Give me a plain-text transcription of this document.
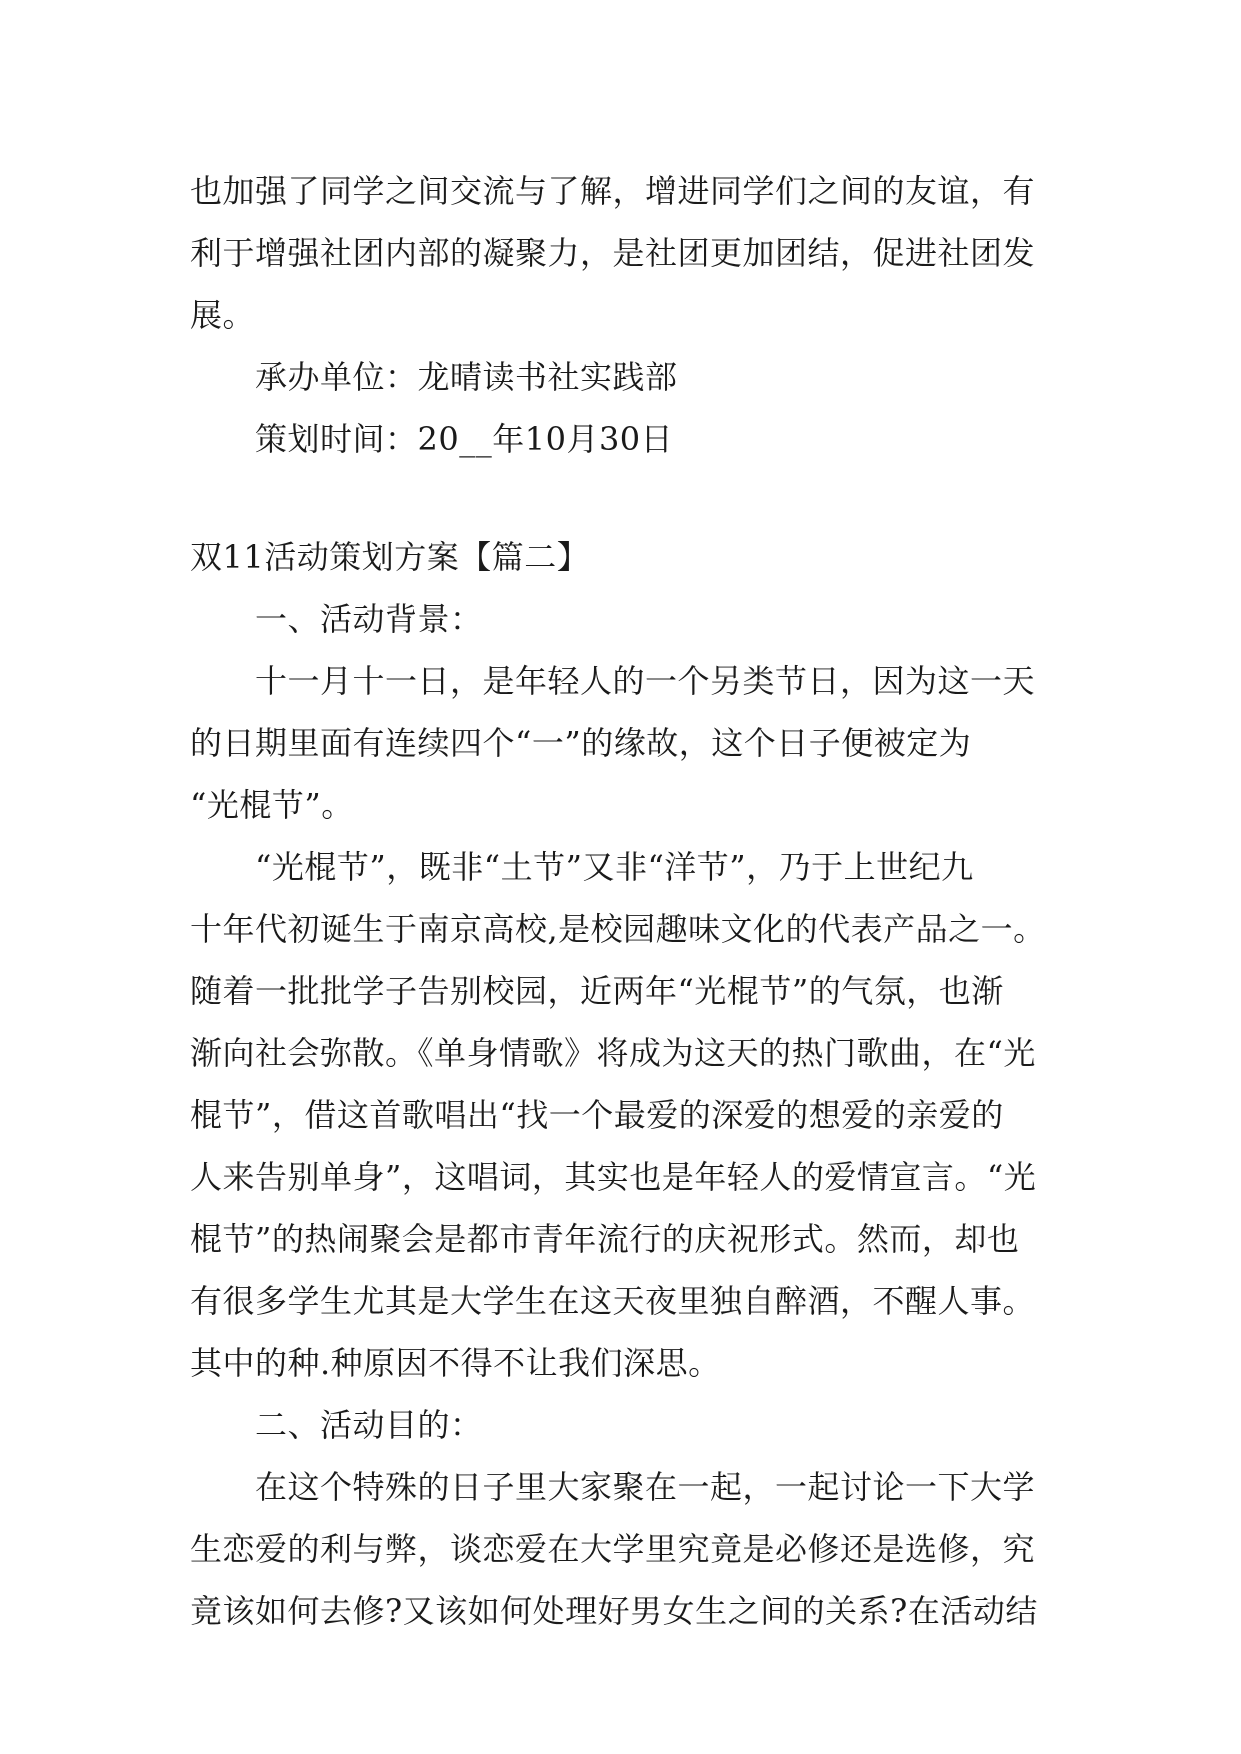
也加强了同学之间交流与了解，增进同学们之间的友谊，有
利于增强社团内部的凝聚力，是社团更加团结，促进社团发
展。
承办单位：龙晴读书社实践部
策划时间：20__年10月30日
双11活动策划方案【篇二】
一、活动背景：
十一月十一日，是年轻人的一个另类节日，因为这一天
的日期里面有连续四个“一”的缘故，这个日子便被定为
“光棍节”。
“光棍节”，既非“土节”又非“洋节”，乃于上世纪九
十年代初诞生于南京高校,是校园趣味文化的代表产品之一。
随着一批批学子告别校园，近两年“光棍节”的气氛，也渐
渐向社会弥散。《单身情歌》将成为这天的热门歌曲，在“光
棍节”，借这首歌唱出“找一个最爱的深爱的想爱的亲爱的
人来告别单身”，这唱词，其实也是年轻人的爱情宣言。“光
棍节”的热闹聚会是都市青年流行的庆祝形式。然而，却也
有很多学生尤其是大学生在这天夜里独自醉酒，不醒人事。
其中的种.种原因不得不让我们深思。
二、活动目的：
在这个特殊的日子里大家聚在一起，一起讨论一下大学
生恋爱的利与弊，谈恋爱在大学里究竟是必修还是选修，究
竟该如何去修?又该如何处理好男女生之间的关系?在活动结
